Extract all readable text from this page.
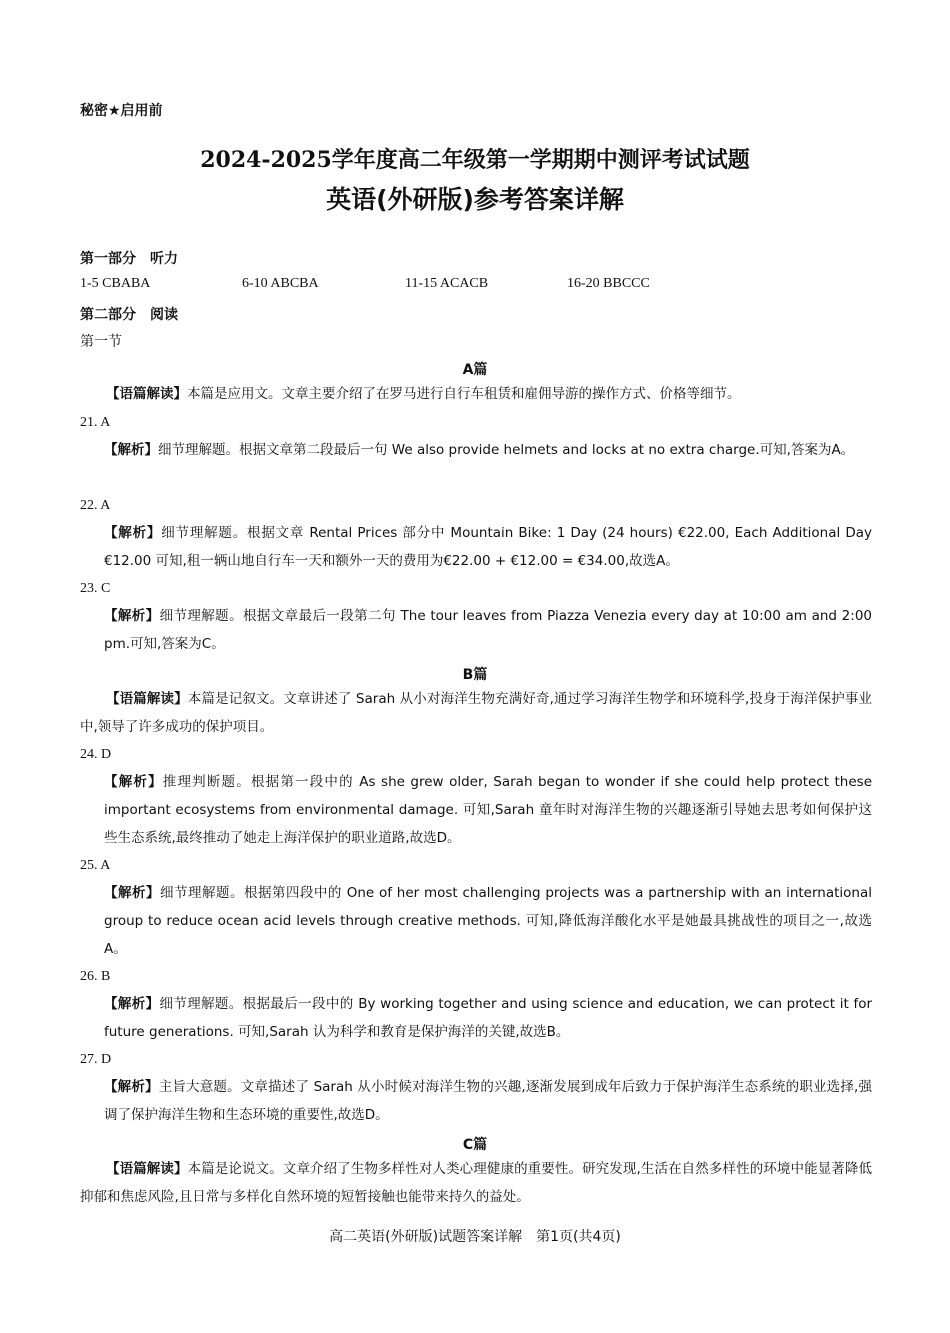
秘密★启用前
2024-2025学年度高二年级第一学期期中测评考试试题
英语(外研版)参考答案详解
第一部分　听力
1-5 CBABA	6-10 ABCBA	11-15 ACACB	16-20 BBCCC
第二部分　阅读
第一节
A篇
【语篇解读】本篇是应用文。文章主要介绍了在罗马进行自行车租赁和雇佣导游的操作方式、价格等细节。
21. A
【解析】细节理解题。根据文章第二段最后一句 We also provide helmets and locks at no extra charge.可知,答案为A。
22. A
【解析】细节理解题。根据文章 Rental Prices 部分中 Mountain Bike: 1 Day (24 hours) €22.00, Each Additional Day €12.00 可知,租一辆山地自行车一天和额外一天的费用为€22.00 + €12.00 = €34.00,故选A。
23. C
【解析】细节理解题。根据文章最后一段第二句 The tour leaves from Piazza Venezia every day at 10:00 am and 2:00 pm.可知,答案为C。
B篇
【语篇解读】本篇是记叙文。文章讲述了 Sarah 从小对海洋生物充满好奇,通过学习海洋生物学和环境科学,投身于海洋保护事业中,领导了许多成功的保护项目。
24. D
【解析】推理判断题。根据第一段中的 As she grew older, Sarah began to wonder if she could help protect these important ecosystems from environmental damage. 可知,Sarah 童年时对海洋生物的兴趣逐渐引导她去思考如何保护这些生态系统,最终推动了她走上海洋保护的职业道路,故选D。
25. A
【解析】细节理解题。根据第四段中的 One of her most challenging projects was a partnership with an international group to reduce ocean acid levels through creative methods. 可知,降低海洋酸化水平是她最具挑战性的项目之一,故选A。
26. B
【解析】细节理解题。根据最后一段中的 By working together and using science and education, we can protect it for future generations. 可知,Sarah 认为科学和教育是保护海洋的关键,故选B。
27. D
【解析】主旨大意题。文章描述了 Sarah 从小时候对海洋生物的兴趣,逐渐发展到成年后致力于保护海洋生态系统的职业选择,强调了保护海洋生物和生态环境的重要性,故选D。
C篇
【语篇解读】本篇是论说文。文章介绍了生物多样性对人类心理健康的重要性。研究发现,生活在自然多样性的环境中能显著降低抑郁和焦虑风险,且日常与多样化自然环境的短暂接触也能带来持久的益处。
高二英语(外研版)试题答案详解　第1页(共4页)
